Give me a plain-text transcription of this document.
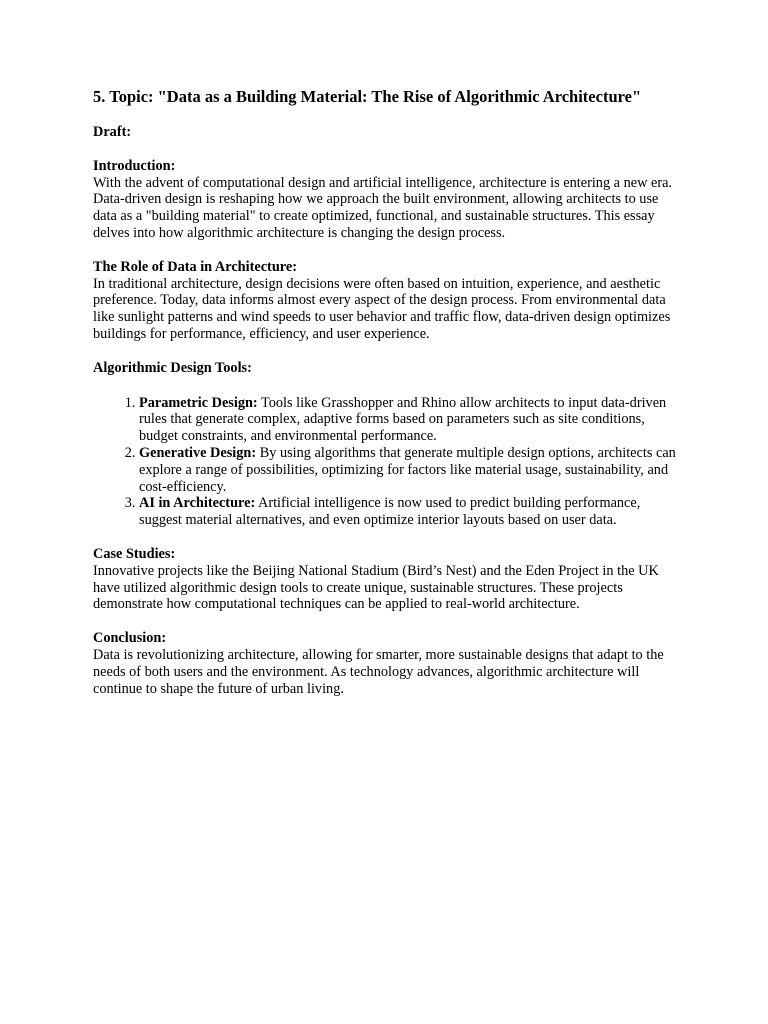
5. Topic: "Data as a Building Material: The Rise of Algorithmic Architecture"
Draft:
Introduction:

With the advent of computational design and artificial intelligence, architecture is entering a new era. Data-driven design is reshaping how we approach the built environment, allowing architects to use data as a "building material" to create optimized, functional, and sustainable structures. This essay delves into how algorithmic architecture is changing the design process.

The Role of Data in Architecture:

In traditional architecture, design decisions were often based on intuition, experience, and aesthetic preference. Today, data informs almost every aspect of the design process. From environmental data like sunlight patterns and wind speeds to user behavior and traffic flow, data-driven design optimizes buildings for performance, efficiency, and user experience.

Algorithmic Design Tools:
1. Parametric Design: Tools like Grasshopper and Rhino allow architects to input data-driven rules that generate complex, adaptive forms based on parameters such as site conditions, budget constraints, and environmental performance.
2. Generative Design: By using algorithms that generate multiple design options, architects can explore a range of possibilities, optimizing for factors like material usage, sustainability, and cost-efficiency.
3. AI in Architecture: Artificial intelligence is now used to predict building performance, suggest material alternatives, and even optimize interior layouts based on user data.
Case Studies:

Innovative projects like the Beijing National Stadium (Bird’s Nest) and the Eden Project in the UK have utilized algorithmic design tools to create unique, sustainable structures. These projects demonstrate how computational techniques can be applied to real-world architecture.

Conclusion:

Data is revolutionizing architecture, allowing for smarter, more sustainable designs that adapt to the needs of both users and the environment. As technology advances, algorithmic architecture will continue to shape the future of urban living.
